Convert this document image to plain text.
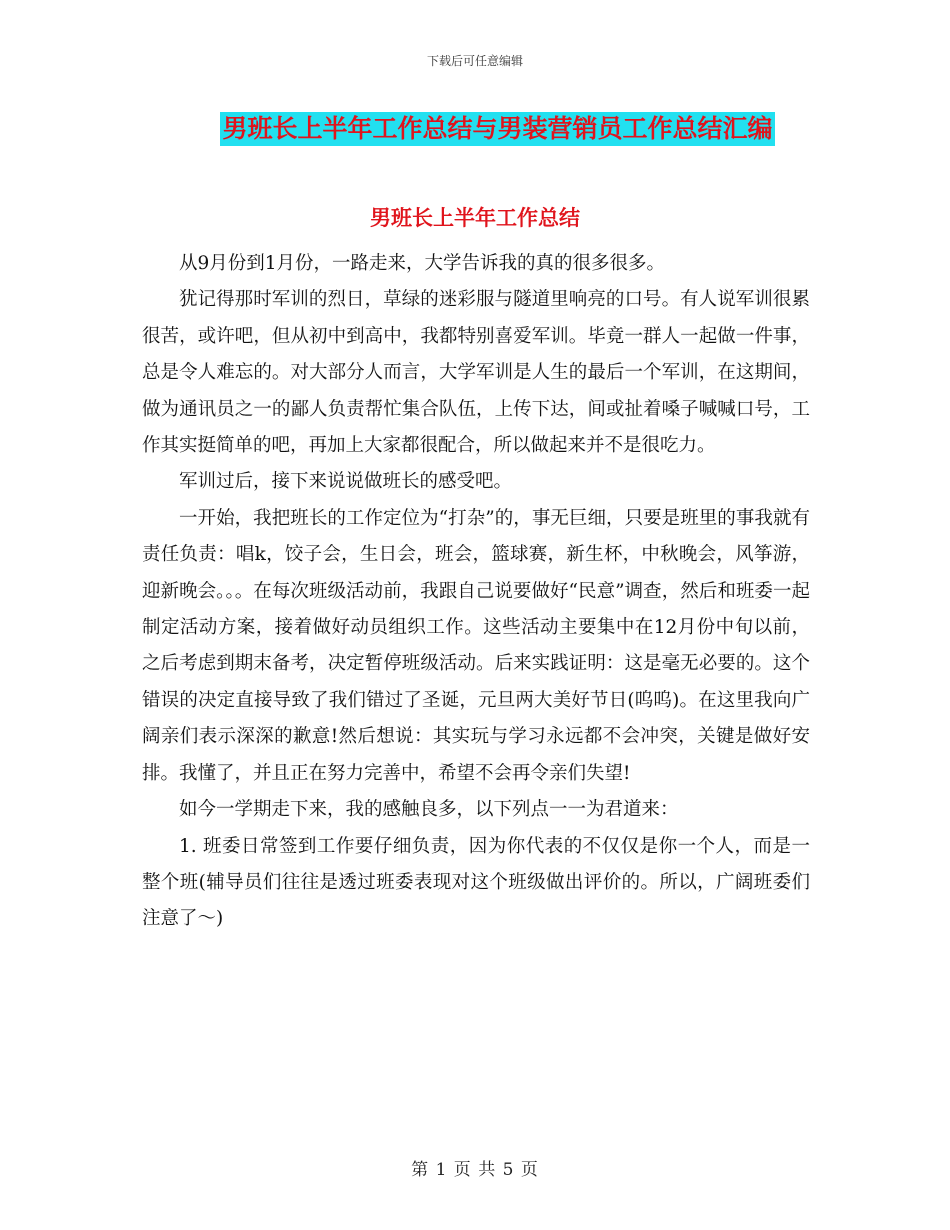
下载后可任意编辑
男班长上半年工作总结与男装营销员工作总结汇编
男班长上半年工作总结

从9月份到1月份，一路走来，大学告诉我的真的很多很多。

犹记得那时军训的烈日，草绿的迷彩服与隧道里响亮的口号。有人说军训很累很苦，或许吧，但从初中到高中，我都特别喜爱军训。毕竟一群人一起做一件事，总是令人难忘的。对大部分人而言，大学军训是人生的最后一个军训，在这期间，做为通讯员之一的鄙人负责帮忙集合队伍，上传下达，间或扯着嗓子喊喊口号，工作其实挺简单的吧，再加上大家都很配合，所以做起来并不是很吃力。

军训过后，接下来说说做班长的感受吧。

一开始，我把班长的工作定位为“打杂”的，事无巨细，只要是班里的事我就有责任负责：唱k，饺子会，生日会，班会，篮球赛，新生杯，中秋晚会，风筝游，迎新晚会。。。在每次班级活动前，我跟自己说要做好“民意”调查，然后和班委一起制定活动方案，接着做好动员组织工作。这些活动主要集中在12月份中旬以前，之后考虑到期末备考，决定暂停班级活动。后来实践证明：这是毫无必要的。这个错误的决定直接导致了我们错过了圣诞，元旦两大美好节日(呜呜)。在这里我向广阔亲们表示深深的歉意!然后想说：其实玩与学习永远都不会冲突，关键是做好安排。我懂了，并且正在努力完善中，希望不会再令亲们失望!

如今一学期走下来，我的感触良多，以下列点一一为君道来：

1. 班委日常签到工作要仔细负责，因为你代表的不仅仅是你一个人，而是一整个班(辅导员们往往是透过班委表现对这个班级做出评价的。所以，广阔班委们注意了～)

第 1 页 共 5 页
